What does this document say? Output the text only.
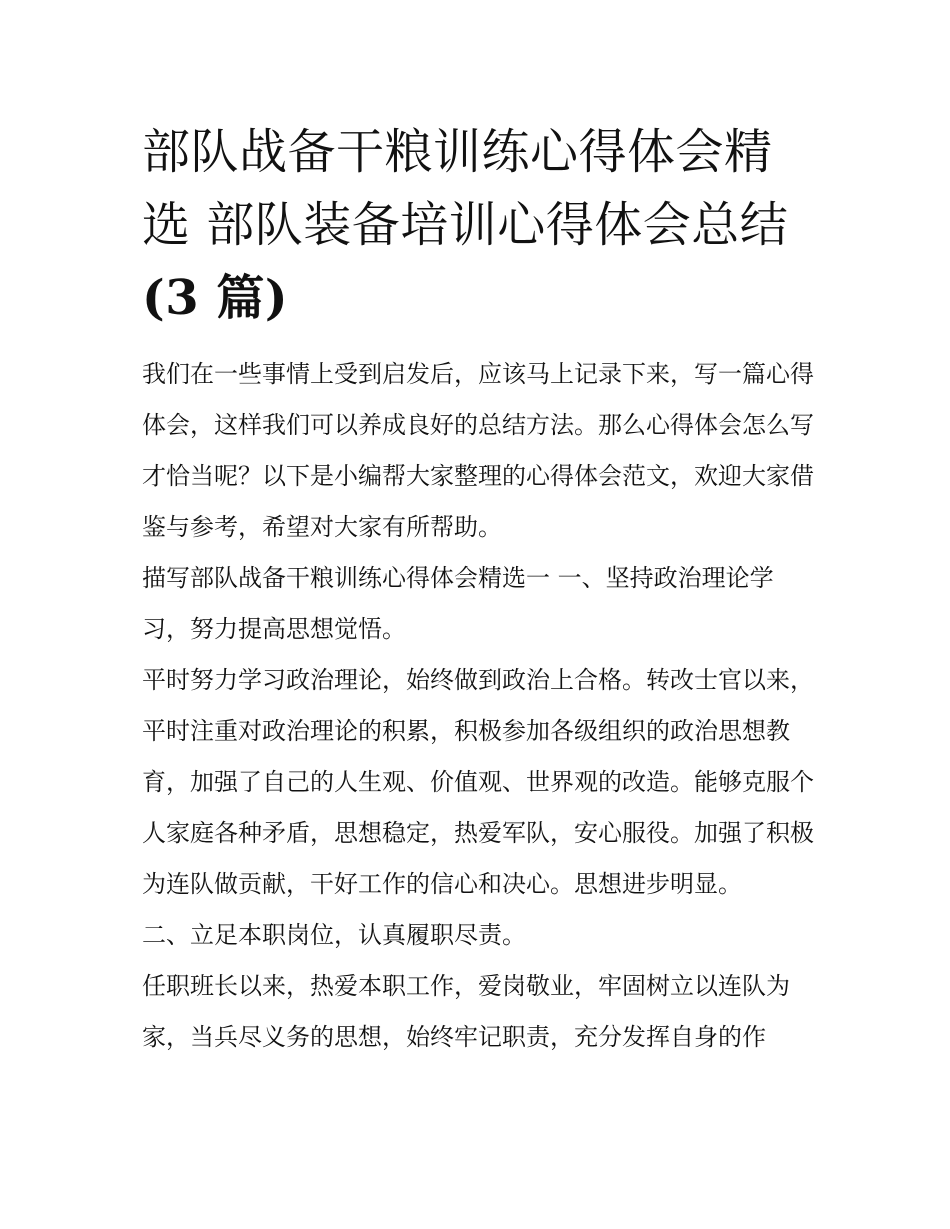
部队战备干粮训练心得体会精
选 部队装备培训心得体会总结
(3 篇)

我们在一些事情上受到启发后，应该马上记录下来，写一篇心得体会，这样我们可以养成良好的总结方法。那么心得体会怎么写才恰当呢？以下是小编帮大家整理的心得体会范文，欢迎大家借鉴与参考，希望对大家有所帮助。

描写部队战备干粮训练心得体会精选一 一、坚持政治理论学习，努力提高思想觉悟。

平时努力学习政治理论，始终做到政治上合格。转改士官以来，平时注重对政治理论的积累，积极参加各级组织的政治思想教育，加强了自己的人生观、价值观、世界观的改造。能够克服个人家庭各种矛盾，思想稳定，热爱军队，安心服役。加强了积极为连队做贡献，干好工作的信心和决心。思想进步明显。

二、立足本职岗位，认真履职尽责。

任职班长以来，热爱本职工作，爱岗敬业，牢固树立以连队为家，当兵尽义务的思想，始终牢记职责，充分发挥自身的作
